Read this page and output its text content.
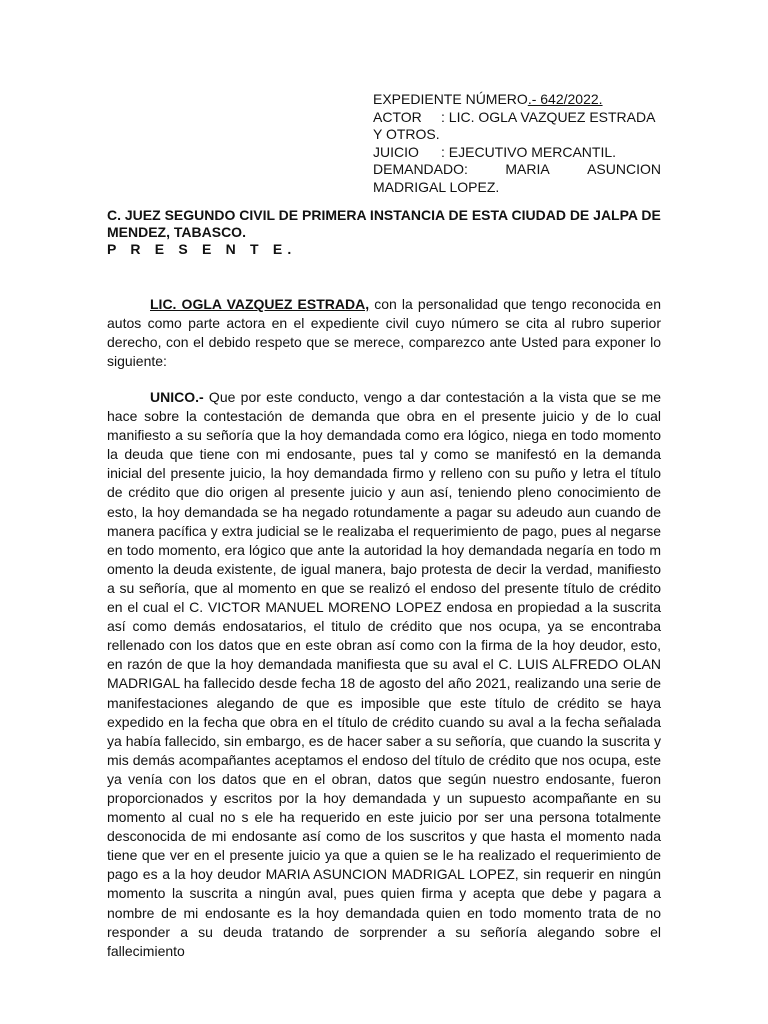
EXPEDIENTE NÚMERO.- 642/2022.
ACTOR : LIC. OGLA VAZQUEZ ESTRADA
Y OTROS.
JUICIO : EJECUTIVO MERCANTIL.
DEMANDADO:	MARIA	ASUNCION
MADRIGAL LOPEZ.
C. JUEZ SEGUNDO CIVIL DE PRIMERA INSTANCIA DE ESTA CIUDAD DE JALPA DE MENDEZ, TABASCO.
P R E S E N T E.
LIC. OGLA VAZQUEZ ESTRADA, con la personalidad que tengo reconocida en autos como parte actora en el expediente civil cuyo número se cita al rubro superior derecho, con el debido respeto que se merece, comparezco ante Usted para exponer lo siguiente:
UNICO.- Que por este conducto, vengo a dar contestación a la vista que se me hace sobre la contestación de demanda que obra en el presente juicio y de lo cual manifiesto a su señoría que la hoy demandada como era lógico, niega en todo momento la deuda que tiene con mi endosante, pues tal y como se manifestó en la demanda inicial del presente juicio, la hoy demandada firmo y relleno con su puño y letra el título de crédito que dio origen al presente juicio y aun así, teniendo pleno conocimiento de esto, la hoy demandada se ha negado rotundamente a pagar su adeudo aun cuando de manera pacífica y extra judicial se le realizaba el requerimiento de pago, pues al negarse en todo momento, era lógico que ante la autoridad la hoy demandada negaría en todo m omento la deuda existente, de igual manera, bajo protesta de decir la verdad, manifiesto a su señoría, que al momento en que se realizó el endoso del presente título de crédito en el cual el C. VICTOR MANUEL MORENO LOPEZ endosa en propiedad a la suscrita así como demás endosatarios, el titulo de crédito que nos ocupa, ya se encontraba rellenado con los datos que en este obran así como con la firma de la hoy deudor, esto, en razón de que la hoy demandada manifiesta que su aval el C. LUIS ALFREDO OLAN MADRIGAL ha fallecido desde fecha 18 de agosto del año 2021, realizando una serie de manifestaciones alegando de que es imposible que este título de crédito se haya expedido en la fecha que obra en el título de crédito cuando su aval a la fecha señalada ya había fallecido, sin embargo, es de hacer saber a su señoría, que cuando la suscrita y mis demás acompañantes aceptamos el endoso del título de crédito que nos ocupa, este ya venía con los datos que en el obran, datos que según nuestro endosante, fueron proporcionados y escritos por la hoy demandada y un supuesto acompañante en su momento al cual no s ele ha requerido en este juicio por ser una persona totalmente desconocida de mi endosante así como de los suscritos y que hasta el momento nada tiene que ver en el presente juicio ya que a quien se le ha realizado el requerimiento de pago es a la hoy deudor MARIA ASUNCION MADRIGAL LOPEZ, sin requerir en ningún momento la suscrita a ningún aval, pues quien firma y acepta que debe y pagara a nombre de mi endosante es la hoy demandada quien en todo momento trata de no responder a su deuda tratando de sorprender a su señoría alegando sobre el fallecimiento
